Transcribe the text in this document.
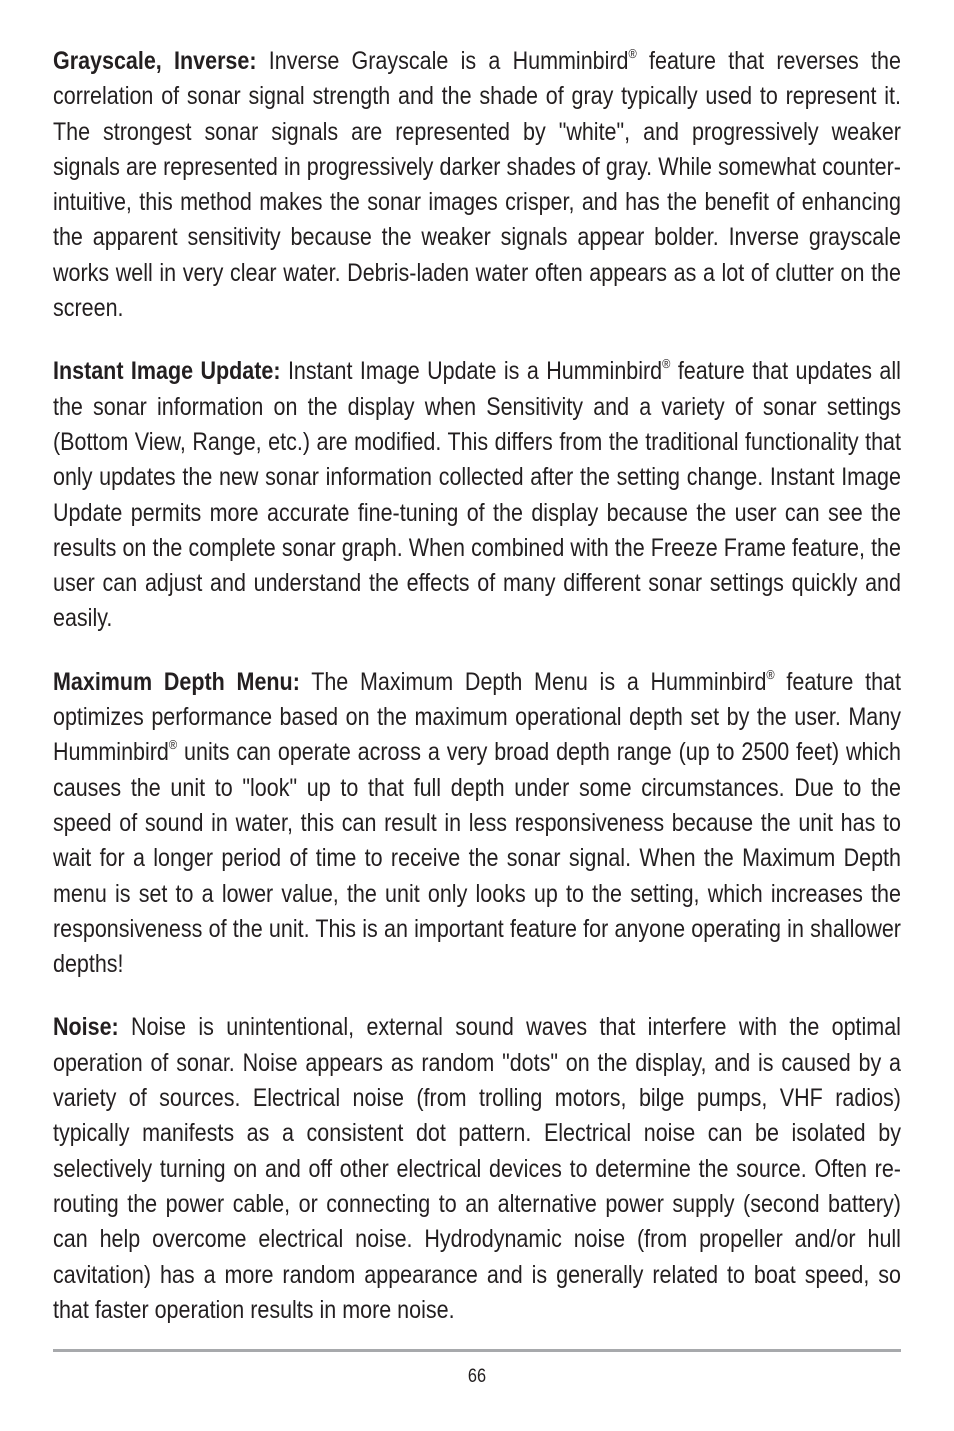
Grayscale, Inverse: Inverse Grayscale is a Humminbird® feature that reverses the correlation of sonar signal strength and the shade of gray typically used to represent it. The strongest sonar signals are represented by "white", and progressively weaker signals are represented in progressively darker shades of gray. While somewhat counter-intuitive, this method makes the sonar images crisper, and has the benefit of enhancing the apparent sensitivity because the weaker signals appear bolder. Inverse grayscale works well in very clear water. Debris-laden water often appears as a lot of clutter on the screen.

Instant Image Update: Instant Image Update is a Humminbird® feature that updates all the sonar information on the display when Sensitivity and a variety of sonar settings (Bottom View, Range, etc.) are modified. This differs from the traditional functionality that only updates the new sonar information collected after the setting change. Instant Image Update permits more accurate fine-tuning of the display because the user can see the results on the complete sonar graph. When combined with the Freeze Frame feature, the user can adjust and understand the effects of many different sonar settings quickly and easily.

Maximum Depth Menu: The Maximum Depth Menu is a Humminbird® feature that optimizes performance based on the maximum operational depth set by the user. Many Humminbird® units can operate across a very broad depth range (up to 2500 feet) which causes the unit to "look" up to that full depth under some circumstances. Due to the speed of sound in water, this can result in less responsiveness because the unit has to wait for a longer period of time to receive the sonar signal. When the Maximum Depth menu is set to a lower value, the unit only looks up to the setting, which increases the responsiveness of the unit. This is an important feature for anyone operating in shallower depths!

Noise: Noise is unintentional, external sound waves that interfere with the optimal operation of sonar. Noise appears as random "dots" on the display, and is caused by a variety of sources. Electrical noise (from trolling motors, bilge pumps, VHF radios) typically manifests as a consistent dot pattern. Electrical noise can be isolated by selectively turning on and off other electrical devices to determine the source. Often re-routing the power cable, or connecting to an alternative power supply (second battery) can help overcome electrical noise. Hydrodynamic noise (from propeller and/or hull cavitation) has a more random appearance and is generally related to boat speed, so that faster operation results in more noise.

66
